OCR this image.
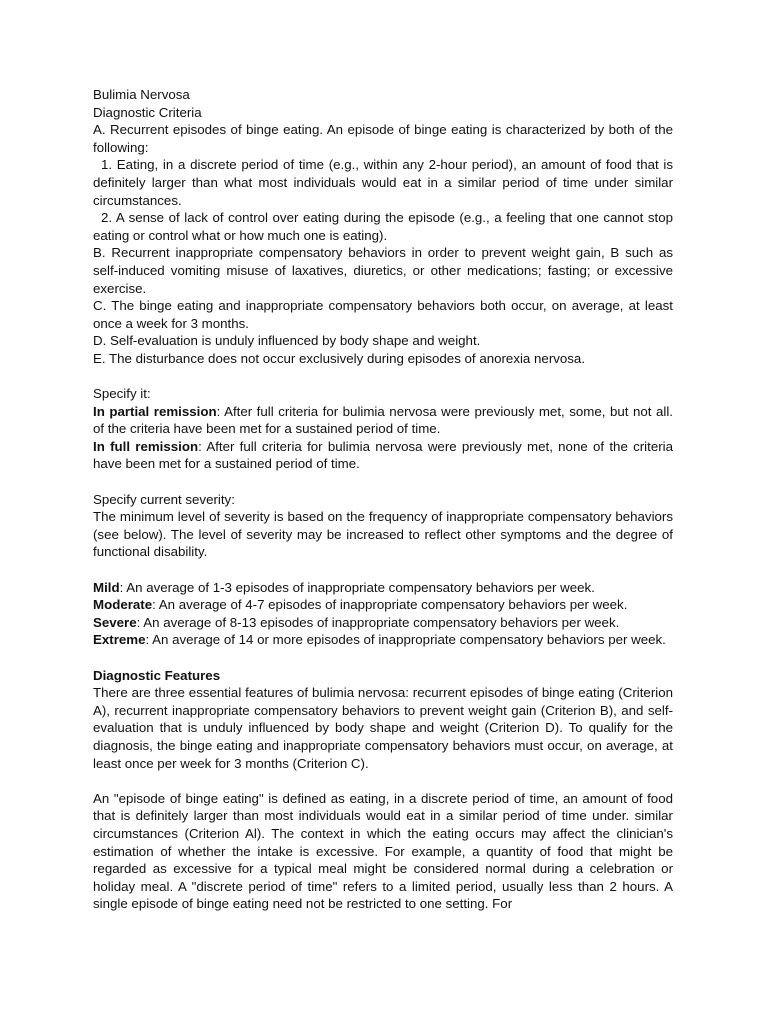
Bulimia Nervosa

Diagnostic Criteria

A. Recurrent episodes of binge eating. An episode of binge eating is characterized by both of the following:

1. Eating, in a discrete period of time (e.g., within any 2-hour period), an amount of food that is definitely larger than what most individuals would eat in a similar period of time under similar circumstances.

2. A sense of lack of control over eating during the episode (e.g., a feeling that one cannot stop eating or control what or how much one is eating).

B. Recurrent inappropriate compensatory behaviors in order to prevent weight gain, B such as self-induced vomiting misuse of laxatives, diuretics, or other medications; fasting; or excessive exercise.

C. The binge eating and inappropriate compensatory behaviors both occur, on average, at least once a week for 3 months.

D. Self-evaluation is unduly influenced by body shape and weight.

E. The disturbance does not occur exclusively during episodes of anorexia nervosa.

Specify it:

In partial remission: After full criteria for bulimia nervosa were previously met, some, but not all. of the criteria have been met for a sustained period of time.

In full remission: After full criteria for bulimia nervosa were previously met, none of the criteria have been met for a sustained period of time.

Specify current severity:

The minimum level of severity is based on the frequency of inappropriate compensatory behaviors (see below). The level of severity may be increased to reflect other symptoms and the degree of functional disability.

Mild: An average of 1-3 episodes of inappropriate compensatory behaviors per week.

Moderate: An average of 4-7 episodes of inappropriate compensatory behaviors per week.

Severe: An average of 8-13 episodes of inappropriate compensatory behaviors per week.

Extreme: An average of 14 or more episodes of inappropriate compensatory behaviors per week.

Diagnostic Features

There are three essential features of bulimia nervosa: recurrent episodes of binge eating (Criterion A), recurrent inappropriate compensatory behaviors to prevent weight gain (Criterion B), and self-evaluation that is unduly influenced by body shape and weight (Criterion D). To qualify for the diagnosis, the binge eating and inappropriate compensatory behaviors must occur, on average, at least once per week for 3 months (Criterion C).

An "episode of binge eating" is defined as eating, in a discrete period of time, an amount of food that is definitely larger than most individuals would eat in a similar period of time under. similar circumstances (Criterion Al). The context in which the eating occurs may affect the clinician's estimation of whether the intake is excessive. For example, a quantity of food that might be regarded as excessive for a typical meal might be considered normal during a celebration or holiday meal. A "discrete period of time" refers to a limited period, usually less than 2 hours. A single episode of binge eating need not be restricted to one setting. For
